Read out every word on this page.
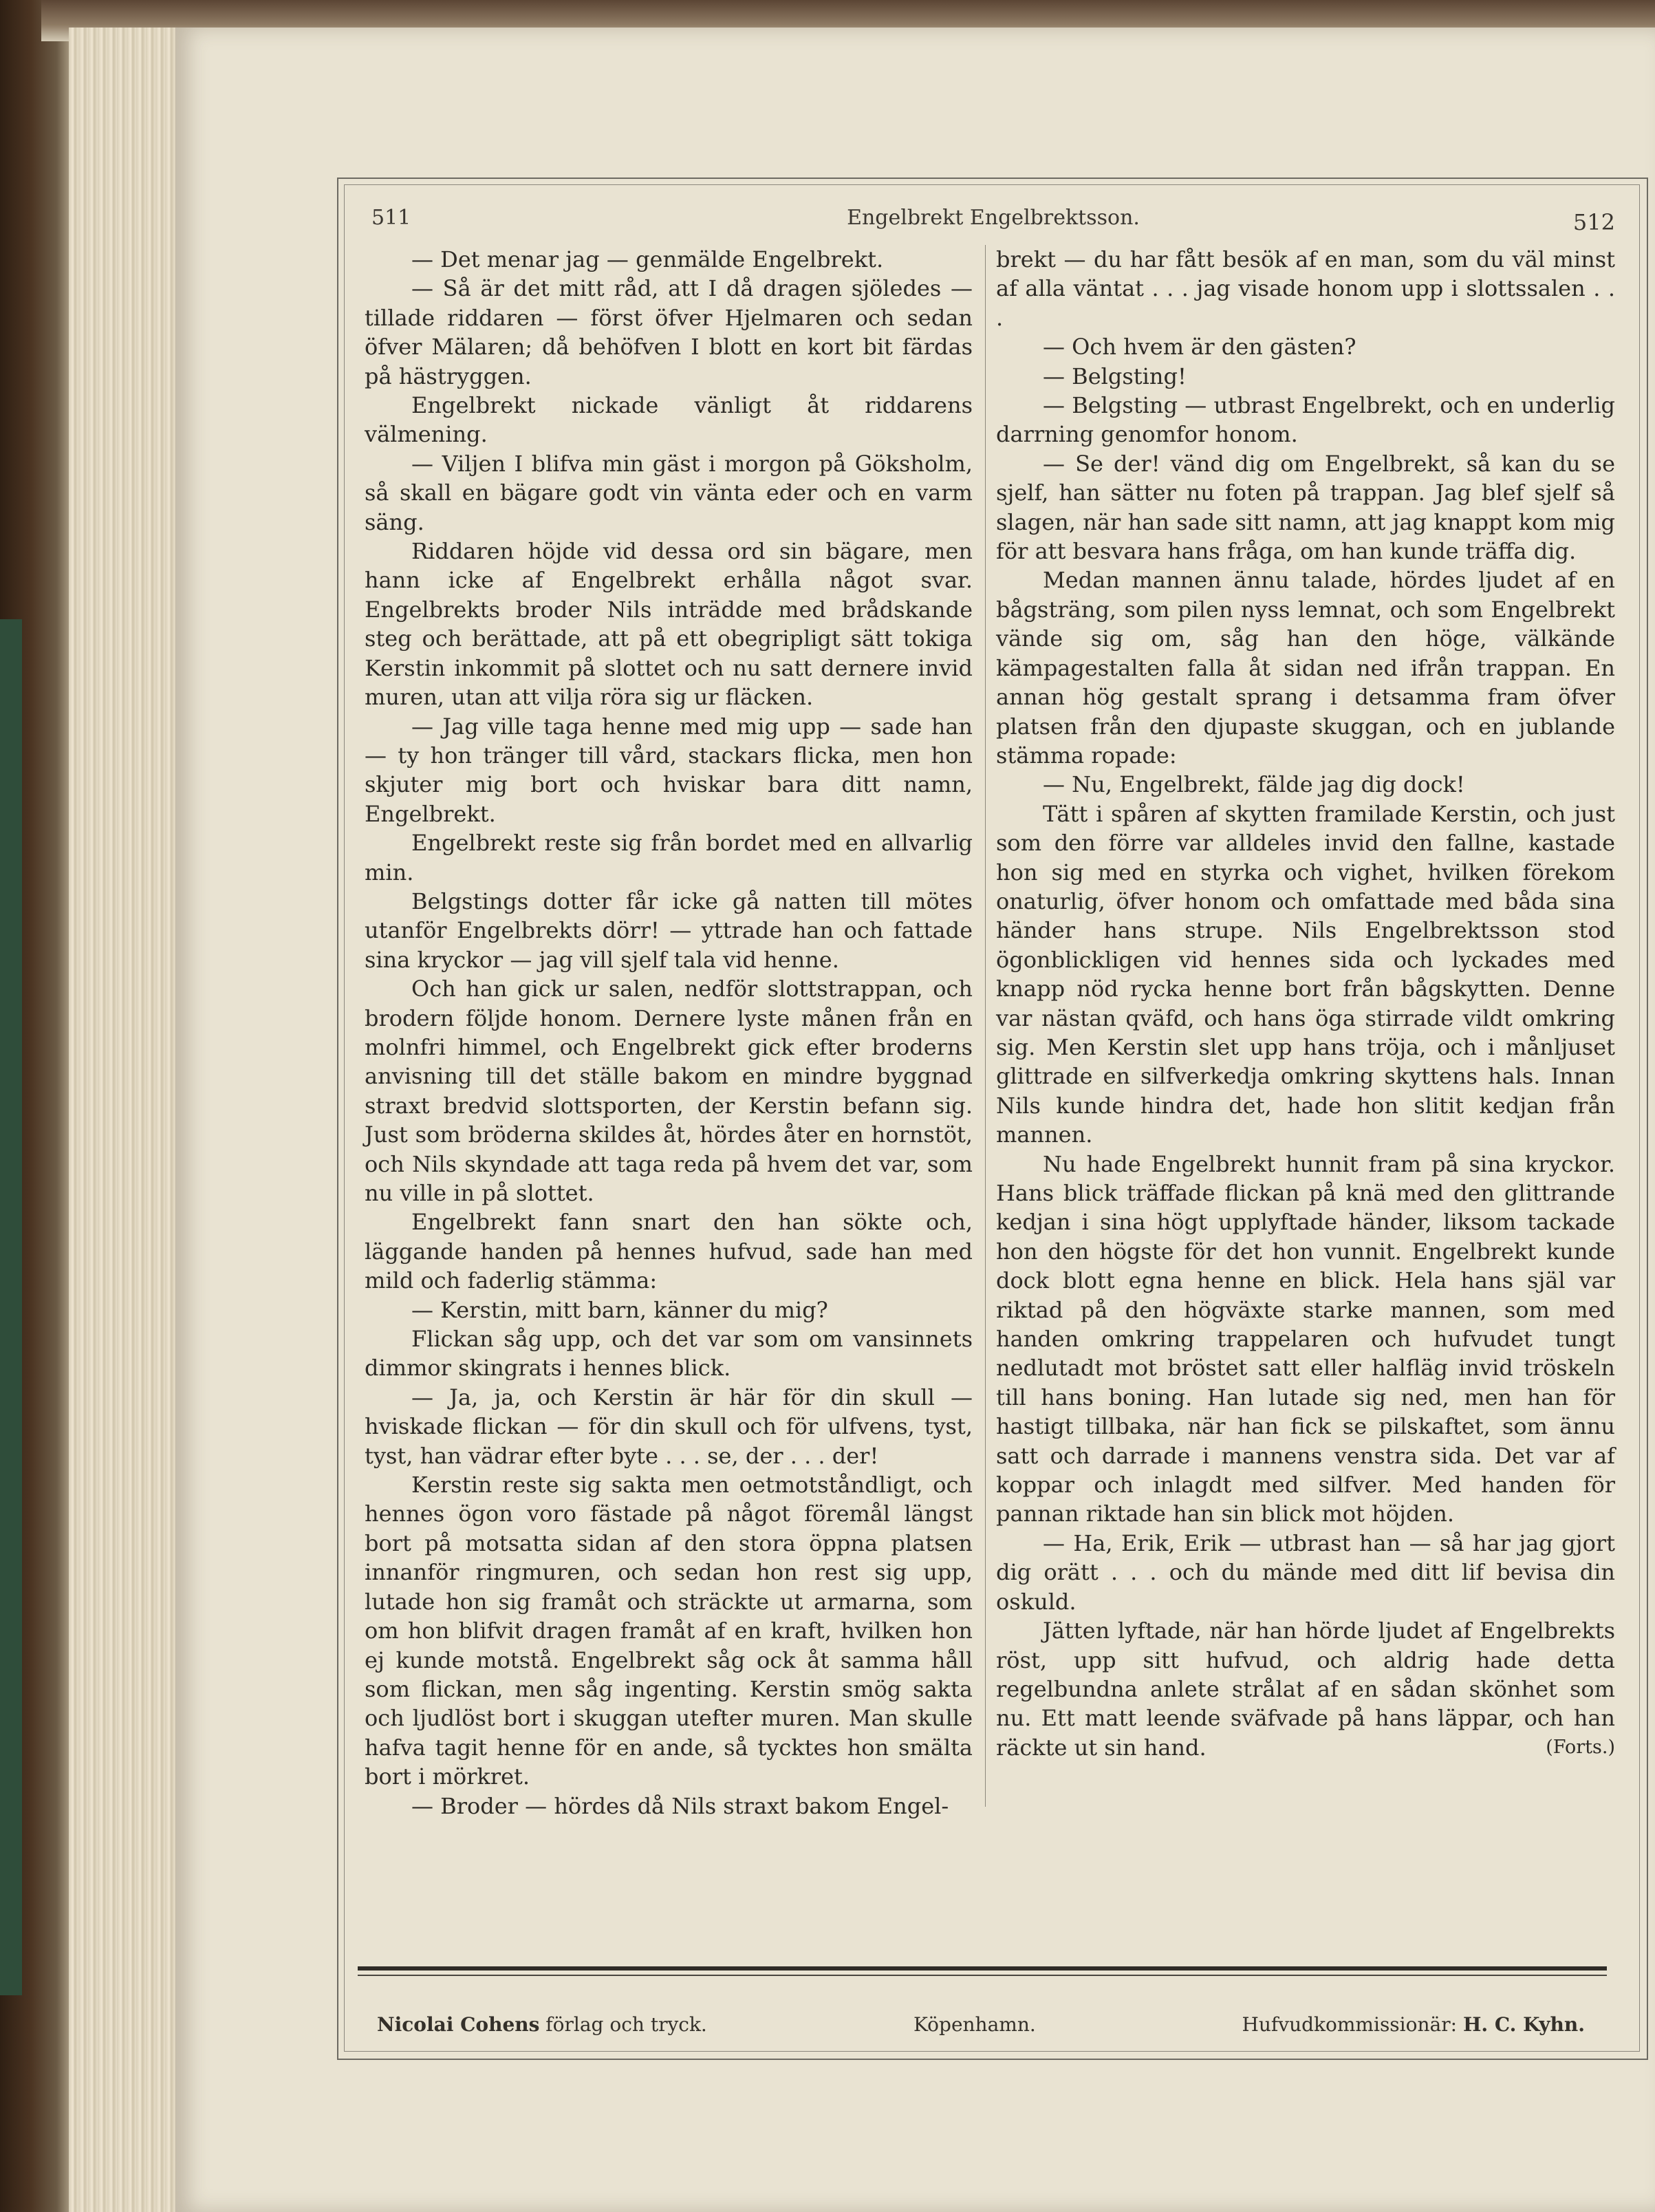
511	Engelbrekt Engelbrektsson.	512

— Det menar jag — genmälde Engelbrekt.

— Så är det mitt råd, att I då dragen sjöledes — tillade riddaren — först öfver Hjelmaren och sedan öfver Mälaren; då behöfven I blott en kort bit färdas på hästryggen.

Engelbrekt nickade vänligt åt riddarens välmening.

— Viljen I blifva min gäst i morgon på Göksholm, så skall en bägare godt vin vänta eder och en varm säng.

Riddaren höjde vid dessa ord sin bägare, men hann icke af Engelbrekt erhålla något svar. Engelbrekts broder Nils inträdde med brådskande steg och berättade, att på ett obegripligt sätt tokiga Kerstin inkommit på slottet och nu satt dernere invid muren, utan att vilja röra sig ur fläcken.

— Jag ville taga henne med mig upp — sade han — ty hon tränger till vård, stackars flicka, men hon skjuter mig bort och hviskar bara ditt namn, Engelbrekt.

Engelbrekt reste sig från bordet med en allvarlig min.

Belgstings dotter får icke gå natten till mötes utanför Engelbrekts dörr! — yttrade han och fattade sina kryckor — jag vill sjelf tala vid henne.

Och han gick ur salen, nedför slottstrappan, och brodern följde honom. Dernere lyste månen från en molnfri himmel, och Engelbrekt gick efter broderns anvisning till det ställe bakom en mindre byggnad straxt bredvid slottsporten, der Kerstin befann sig. Just som bröderna skildes åt, hördes åter en hornstöt, och Nils skyndade att taga reda på hvem det var, som nu ville in på slottet.

Engelbrekt fann snart den han sökte och, läggande handen på hennes hufvud, sade han med mild och faderlig stämma:

— Kerstin, mitt barn, känner du mig?

Flickan såg upp, och det var som om vansinnets dimmor skingrats i hennes blick.

— Ja, ja, och Kerstin är här för din skull — hviskade flickan — för din skull och för ulfvens, tyst, tyst, han vädrar efter byte . . . se, der . . . der!

Kerstin reste sig sakta men oetmotståndligt, och hennes ögon voro fästade på något föremål längst bort på motsatta sidan af den stora öppna platsen innanför ringmuren, och sedan hon rest sig upp, lutade hon sig framåt och sträckte ut armarna, som om hon blifvit dragen framåt af en kraft, hvilken hon ej kunde motstå. Engelbrekt såg ock åt samma håll som flickan, men såg ingenting. Kerstin smög sakta och ljudlöst bort i skuggan utefter muren. Man skulle hafva tagit henne för en ande, så tycktes hon smälta bort i mörkret.

— Broder — hördes då Nils straxt bakom Engel-

brekt — du har fått besök af en man, som du väl minst af alla väntat . . . jag visade honom upp i slottssalen . . .

— Och hvem är den gästen?

— Belgsting!

— Belgsting — utbrast Engelbrekt, och en underlig darrning genomfor honom.

— Se der! vänd dig om Engelbrekt, så kan du se sjelf, han sätter nu foten på trappan. Jag blef sjelf så slagen, när han sade sitt namn, att jag knappt kom mig för att besvara hans fråga, om han kunde träffa dig.

Medan mannen ännu talade, hördes ljudet af en bågsträng, som pilen nyss lemnat, och som Engelbrekt vände sig om, såg han den höge, välkände kämpagestalten falla åt sidan ned ifrån trappan. En annan hög gestalt sprang i detsamma fram öfver platsen från den djupaste skuggan, och en jublande stämma ropade:

— Nu, Engelbrekt, fälde jag dig dock!

Tätt i spåren af skytten framilade Kerstin, och just som den förre var alldeles invid den fallne, kastade hon sig med en styrka och vighet, hvilken förekom onaturlig, öfver honom och omfattade med båda sina händer hans strupe. Nils Engelbrektsson stod ögonblickligen vid hennes sida och lyckades med knapp nöd rycka henne bort från bågskytten. Denne var nästan qväfd, och hans öga stirrade vildt omkring sig. Men Kerstin slet upp hans tröja, och i månljuset glittrade en silfverkedja omkring skyttens hals. Innan Nils kunde hindra det, hade hon slitit kedjan från mannen.

Nu hade Engelbrekt hunnit fram på sina kryckor. Hans blick träffade flickan på knä med den glittrande kedjan i sina högt upplyftade händer, liksom tackade hon den högste för det hon vunnit. Engelbrekt kunde dock blott egna henne en blick. Hela hans själ var riktad på den högväxte starke mannen, som med handen omkring trappelaren och hufvudet tungt nedlutadt mot bröstet satt eller halfläg invid tröskeln till hans boning. Han lutade sig ned, men han för hastigt tillbaka, när han fick se pilskaftet, som ännu satt och darrade i mannens venstra sida. Det var af koppar och inlagdt med silfver. Med handen för pannan riktade han sin blick mot höjden.

— Ha, Erik, Erik — utbrast han — så har jag gjort dig orätt . . . och du mände med ditt lif bevisa din oskuld.

Jätten lyftade, när han hörde ljudet af Engelbrekts röst, upp sitt hufvud, och aldrig hade detta regelbundna anlete strålat af en sådan skönhet som nu. Ett matt leende sväfvade på hans läppar, och han räckte ut sin hand.	(Forts.)

Nicolai Cohens förlag och tryck.	Köpenhamn.	Hufvudkommissionär: H. C. Kyhn.
